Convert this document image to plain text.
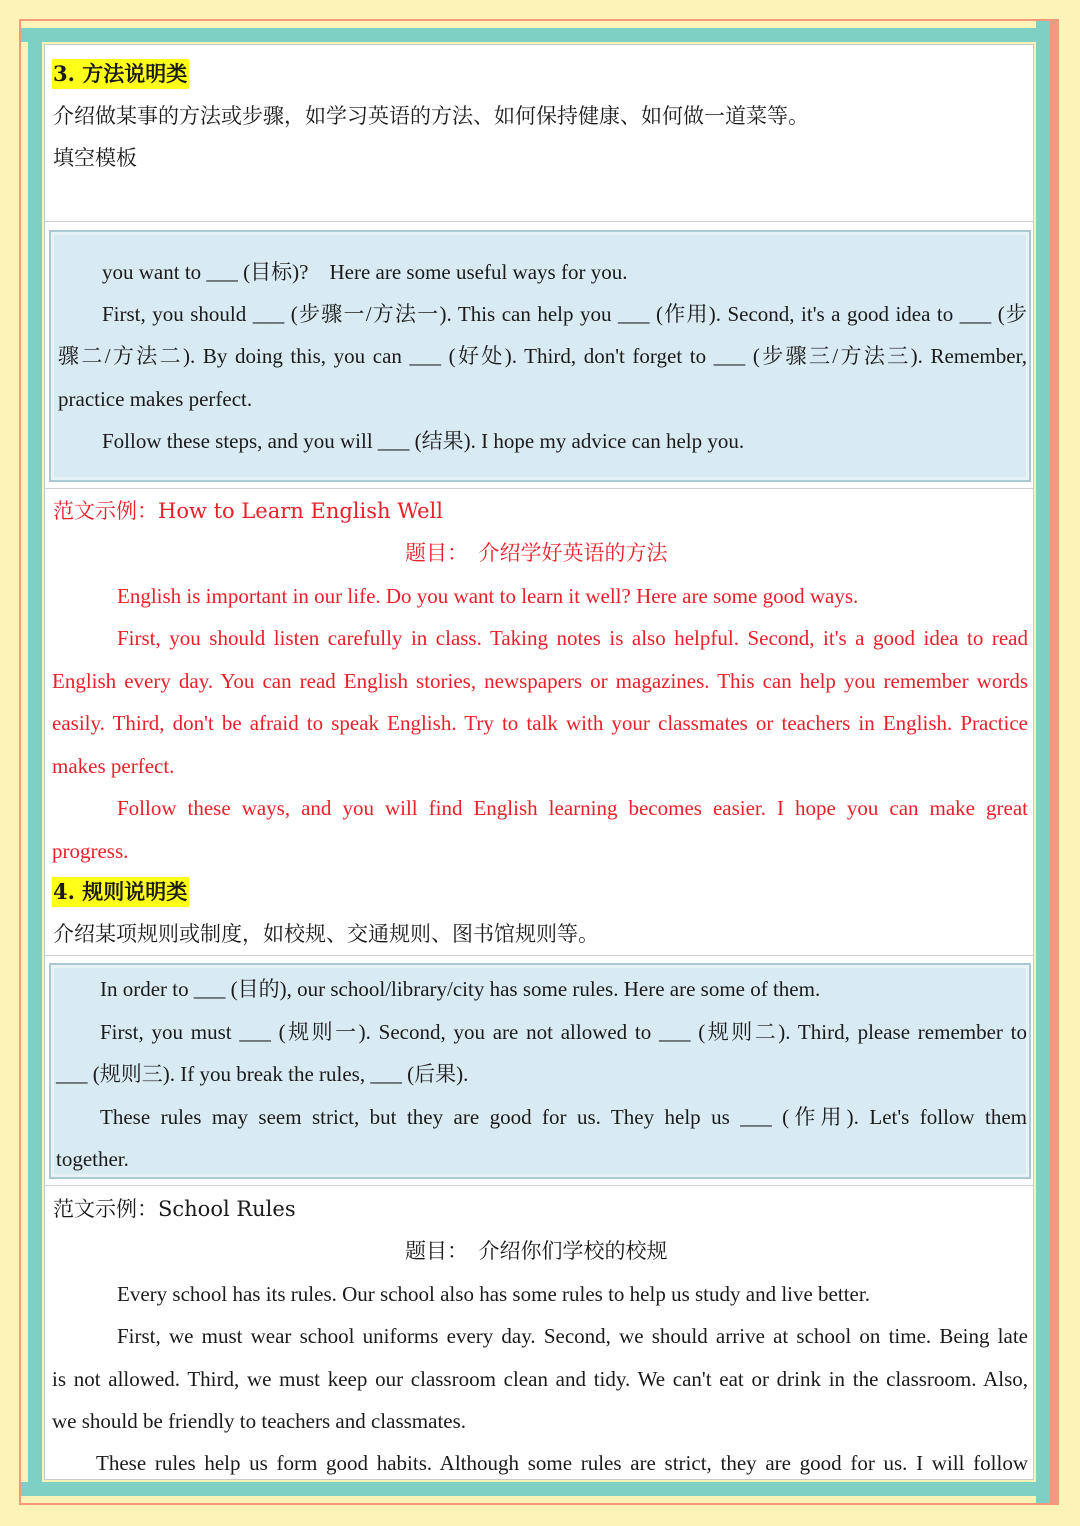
3. 方法说明类
介绍做某事的方法或步骤，如学习英语的方法、如何保持健康、如何做一道菜等。
填空模板
you want to ___ (目标)?　Here are some useful ways for you.
First, you should ___ (步骤一/方法一). This can help you ___ (作用). Second, it's a good idea to ___ (步
骤二/方法二). By doing this, you can ___ (好处). Third, don't forget to ___ (步骤三/方法三). Remember,
practice makes perfect.
Follow these steps, and you will ___ (结果). I hope my advice can help you.
范文示例：How to Learn English Well
题目：　介绍学好英语的方法
English is important in our life. Do you want to learn it well? Here are some good ways.
First, you should listen carefully in class. Taking notes is also helpful. Second, it's a good idea to read
English every day. You can read English stories, newspapers or magazines. This can help you remember words
easily. Third, don't be afraid to speak English. Try to talk with your classmates or teachers in English. Practice
makes perfect.
Follow these ways, and you will find English learning becomes easier. I hope you can make great
progress.
4. 规则说明类
介绍某项规则或制度，如校规、交通规则、图书馆规则等。
In order to ___ (目的), our school/library/city has some rules. Here are some of them.
First, you must ___ (规则一). Second, you are not allowed to ___ (规则二). Third, please remember to
___ (规则三). If you break the rules, ___ (后果).
These rules may seem strict, but they are good for us. They help us ___ (作用). Let's follow them
together.
范文示例：School Rules
题目：　介绍你们学校的校规
Every school has its rules. Our school also has some rules to help us study and live better.
First, we must wear school uniforms every day. Second, we should arrive at school on time. Being late
is not allowed. Third, we must keep our classroom clean and tidy. We can't eat or drink in the classroom. Also,
we should be friendly to teachers and classmates.
These rules help us form good habits. Although some rules are strict, they are good for us. I will follow
